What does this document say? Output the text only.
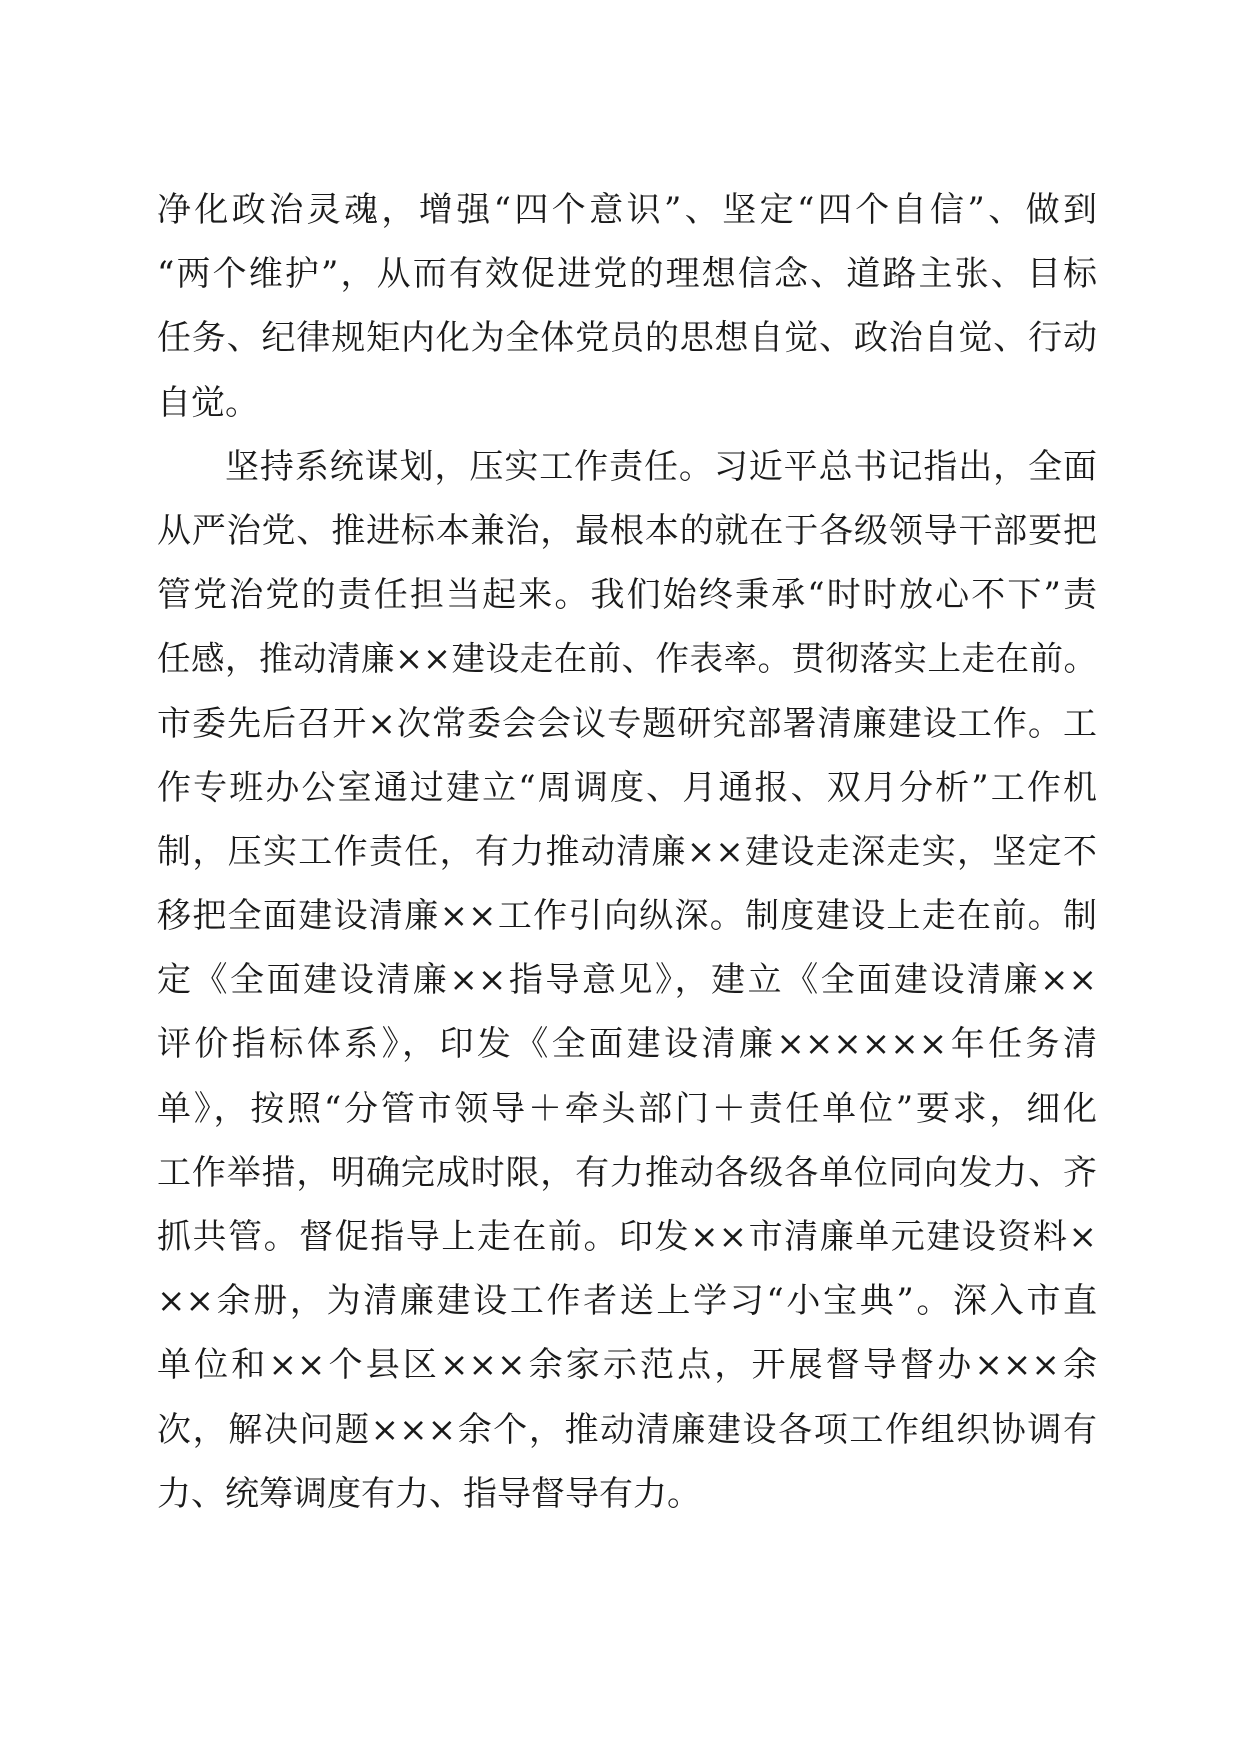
净化政治灵魂，增强“四个意识”、坚定“四个自信”、做到
“两个维护”，从而有效促进党的理想信念、道路主张、目标
任务、纪律规矩内化为全体党员的思想自觉、政治自觉、行动
自觉。
坚持系统谋划，压实工作责任。习近平总书记指出，全面
从严治党、推进标本兼治，最根本的就在于各级领导干部要把
管党治党的责任担当起来。我们始终秉承“时时放心不下”责
任感，推动清廉××建设走在前、作表率。贯彻落实上走在前。
市委先后召开×次常委会会议专题研究部署清廉建设工作。工
作专班办公室通过建立“周调度、月通报、双月分析”工作机
制，压实工作责任，有力推动清廉××建设走深走实，坚定不
移把全面建设清廉××工作引向纵深。制度建设上走在前。制
定《全面建设清廉××指导意见》，建立《全面建设清廉××
评价指标体系》，印发《全面建设清廉××××××年任务清
单》，按照“分管市领导＋牵头部门＋责任单位”要求，细化
工作举措，明确完成时限，有力推动各级各单位同向发力、齐
抓共管。督促指导上走在前。印发××市清廉单元建设资料×
××余册，为清廉建设工作者送上学习“小宝典”。深入市直
单位和××个县区×××余家示范点，开展督导督办×××余
次，解决问题×××余个，推动清廉建设各项工作组织协调有
力、统筹调度有力、指导督导有力。
